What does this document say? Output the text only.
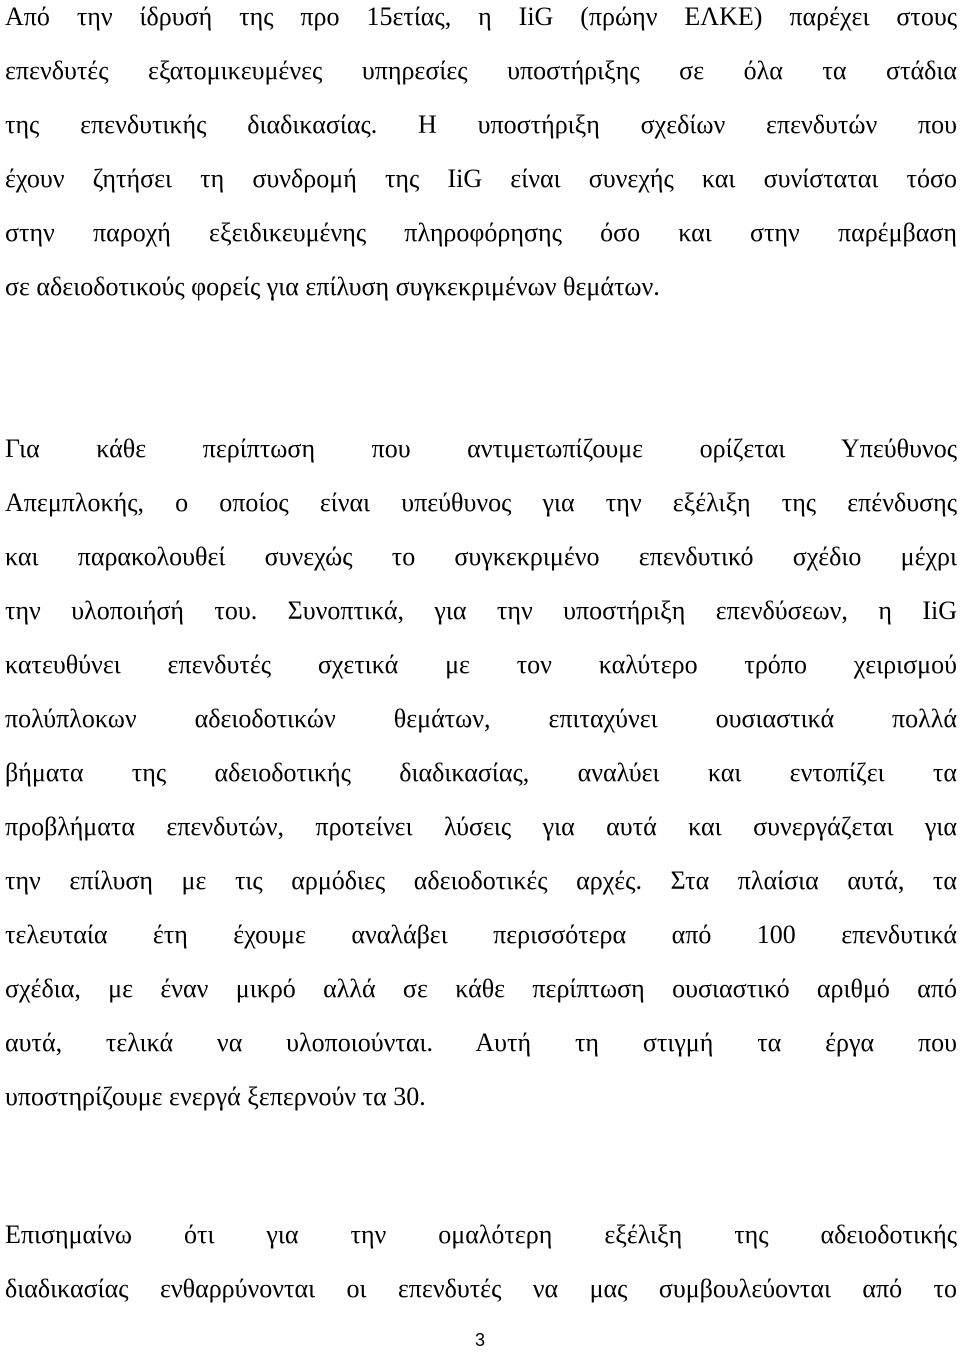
Από την ίδρυσή της προ 15ετίας, η IiG (πρώην ΕΛΚΕ) παρέχει στους
επενδυτές εξατομικευμένες υπηρεσίες υποστήριξης σε όλα τα στάδια
της επενδυτικής διαδικασίας. Η υποστήριξη σχεδίων επενδυτών που
έχουν ζητήσει τη συνδρομή της IiG είναι συνεχής και συνίσταται τόσο
στην παροχή εξειδικευμένης πληροφόρησης όσο και στην παρέμβαση
σε αδειοδοτικούς φορείς για επίλυση συγκεκριμένων θεμάτων.
Για κάθε περίπτωση που αντιμετωπίζουμε ορίζεται Υπεύθυνος
Απεμπλοκής, ο οποίος είναι υπεύθυνος για την εξέλιξη της επένδυσης
και παρακολουθεί συνεχώς το συγκεκριμένο επενδυτικό σχέδιο μέχρι
την υλοποιήσή του. Συνοπτικά, για την υποστήριξη επενδύσεων, η IiG
κατευθύνει επενδυτές σχετικά με τον καλύτερο τρόπο χειρισμού
πολύπλοκων αδειοδοτικών θεμάτων, επιταχύνει ουσιαστικά πολλά
βήματα της αδειοδοτικής διαδικασίας, αναλύει και εντοπίζει τα
προβλήματα επενδυτών, προτείνει λύσεις για αυτά και συνεργάζεται για
την επίλυση με τις αρμόδιες αδειοδοτικές αρχές. Στα πλαίσια αυτά, τα
τελευταία έτη έχουμε αναλάβει περισσότερα από 100 επενδυτικά
σχέδια, με έναν μικρό αλλά σε κάθε περίπτωση ουσιαστικό αριθμό από
αυτά, τελικά να υλοποιούνται. Αυτή τη στιγμή τα έργα που
υποστηρίζουμε ενεργά ξεπερνούν τα 30.
Επισημαίνω ότι για την ομαλότερη εξέλιξη της αδειοδοτικής
διαδικασίας ενθαρρύνονται οι επενδυτές να μας συμβουλεύονται από το
3
